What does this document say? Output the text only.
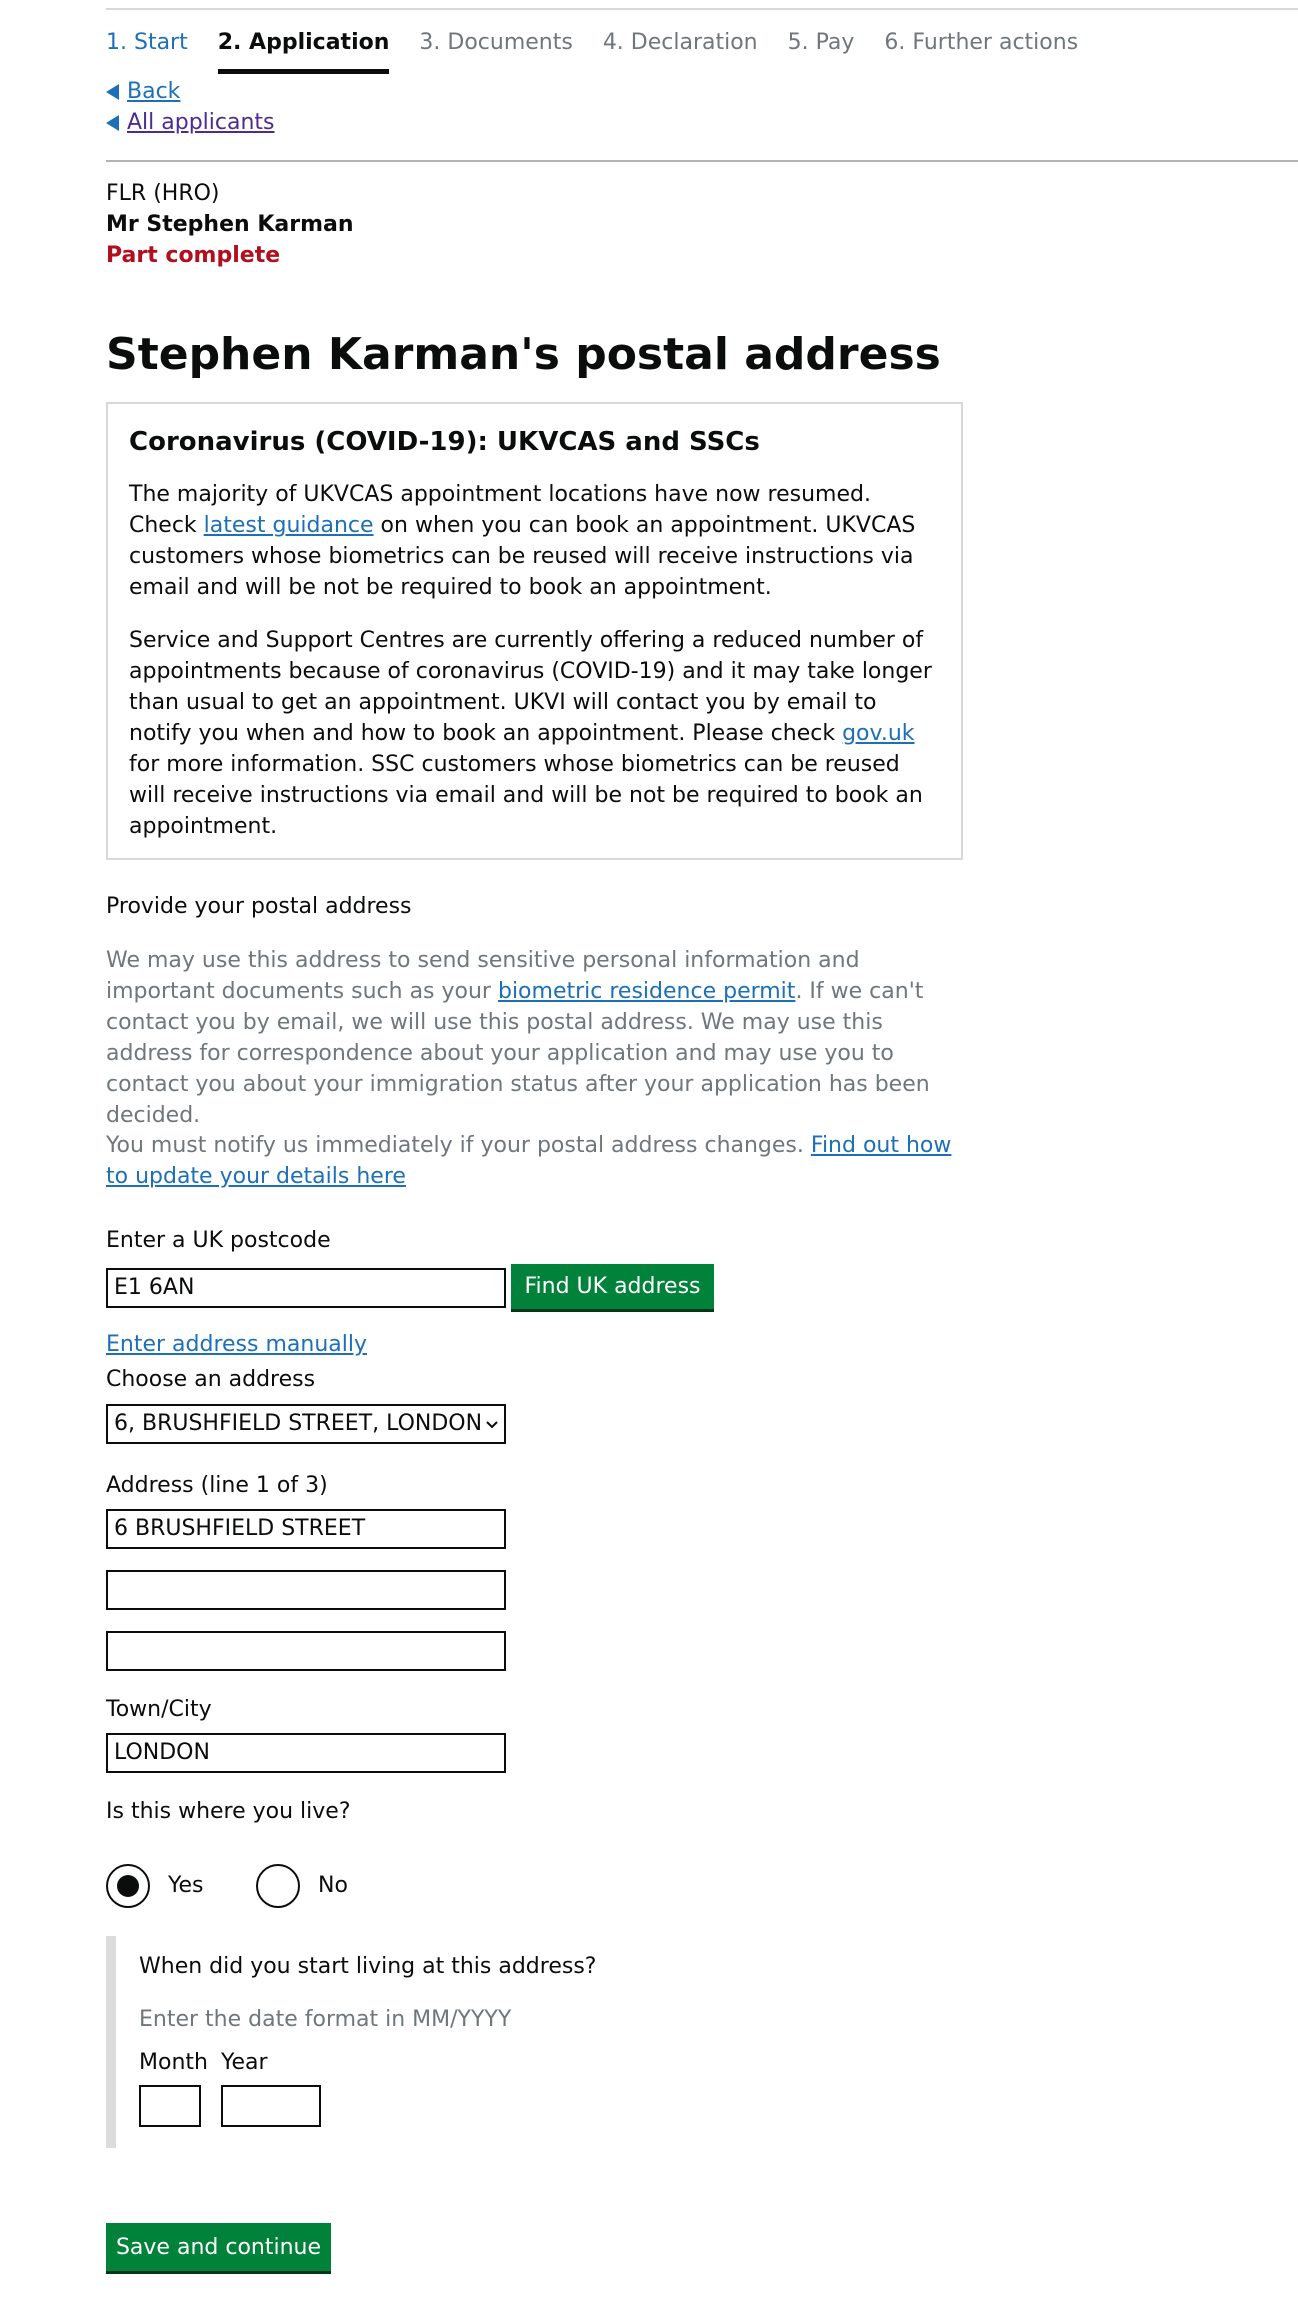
1. Start 2. Application 3. Documents 4. Declaration 5. Pay 6. Further actions
Back
All applicants
FLR (HRO)
Mr Stephen Karman
Part complete
Stephen Karman's postal address
Coronavirus (COVID-19): UKVCAS and SSCs

The majority of UKVCAS appointment locations have now resumed. Check latest guidance on when you can book an appointment. UKVCAS customers whose biometrics can be reused will receive instructions via email and will be not be required to book an appointment.

Service and Support Centres are currently offering a reduced number of appointments because of coronavirus (COVID-19) and it may take longer than usual to get an appointment. UKVI will contact you by email to notify you when and how to book an appointment. Please check gov.uk for more information. SSC customers whose biometrics can be reused will receive instructions via email and will be not be required to book an appointment.

Provide your postal address

We may use this address to send sensitive personal information and important documents such as your biometric residence permit. If we can't contact you by email, we will use this postal address. We may use this address for correspondence about your application and may use you to contact you about your immigration status after your application has been decided.

You must notify us immediately if your postal address changes. Find out how to update your details here

Enter a UK postcode
E1 6AN	Find UK address
Enter address manually
Choose an address
6, BRUSHFIELD STREET, LONDON
Address (line 1 of 3)
6 BRUSHFIELD STREET
Town/City
LONDON
Is this where you live?
Yes	No
When did you start living at this address?
Enter the date format in MM/YYYY
Month Year
Save and continue
